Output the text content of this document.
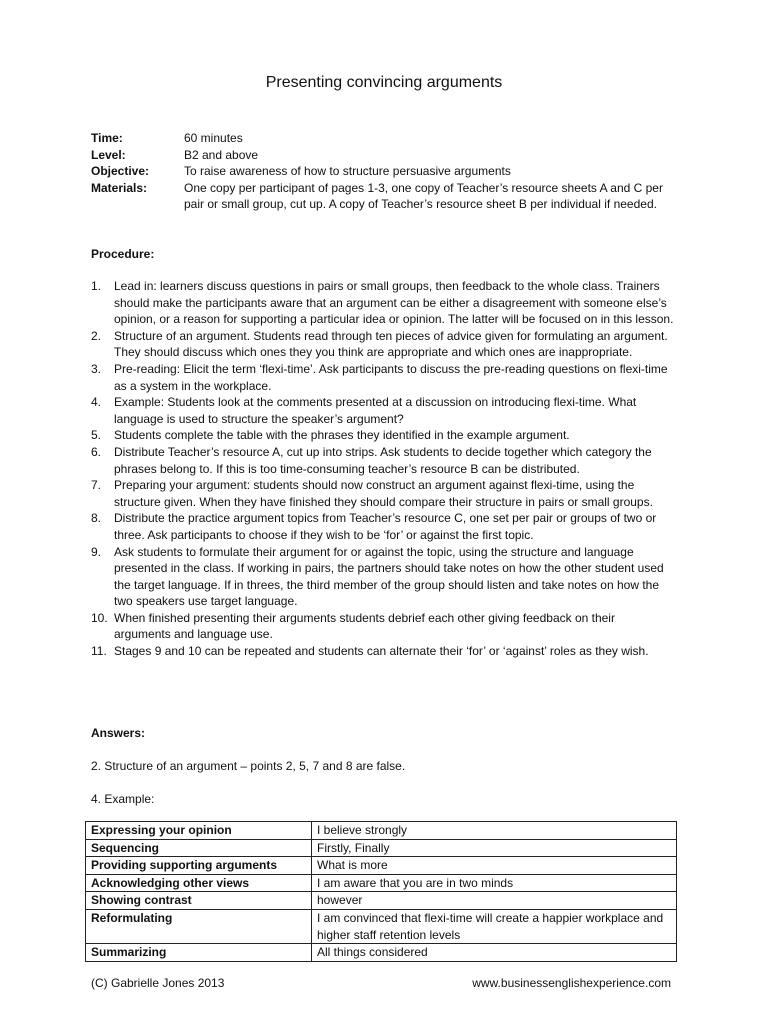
Presenting convincing arguments
Time:	60 minutes
Level:	B2 and above
Objective:	To raise awareness of how to structure persuasive arguments
Materials:	One copy per participant of pages 1-3, one copy of Teacher’s resource sheets A and C per pair or small group, cut up. A copy of Teacher’s resource sheet B per individual if needed.
Procedure:
1.	Lead in: learners discuss questions in pairs or small groups, then feedback to the whole class. Trainers should make the participants aware that an argument can be either a disagreement with someone else’s opinion, or a reason for supporting a particular idea or opinion. The latter will be focused on in this lesson.
2.	Structure of an argument. Students read through ten pieces of advice given for formulating an argument. They should discuss which ones they you think are appropriate and which ones are inappropriate.
3.	Pre-reading: Elicit the term ‘flexi-time’. Ask participants to discuss the pre-reading questions on flexi-time as a system in the workplace.
4.	Example: Students look at the comments presented at a discussion on introducing flexi-time. What language is used to structure the speaker’s argument?
5.	Students complete the table with the phrases they identified in the example argument.
6.	Distribute Teacher’s resource A, cut up into strips. Ask students to decide together which category the phrases belong to. If this is too time-consuming teacher’s resource B can be distributed.
7.	Preparing your argument: students should now construct an argument against flexi-time, using the structure given. When they have finished they should compare their structure in pairs or small groups.
8.	Distribute the practice argument topics from Teacher’s resource C, one set per pair or groups of two or three. Ask participants to choose if they wish to be ‘for’ or against the first topic.
9.	Ask students to formulate their argument for or against the topic, using the structure and language presented in the class. If working in pairs, the partners should take notes on how the other student used the target language. If in threes, the third member of the group should listen and take notes on how the two speakers use target language.
10. When finished presenting their arguments students debrief each other giving feedback on their arguments and language use.
11. Stages 9 and 10 can be repeated and students can alternate their ‘for’ or ‘against’ roles as they wish.
Answers:
2. Structure of an argument – points 2, 5, 7 and 8 are false.
4. Example:
Expressing your opinion	I believe strongly
Sequencing	Firstly, Finally
Providing supporting arguments	What is more
Acknowledging other views	I am aware that you are in two minds
Showing contrast	however
Reformulating	I am convinced that flexi-time will create a happier workplace and higher staff retention levels
Summarizing	All things considered
(C) Gabrielle Jones 2013	www.businessenglishexperience.com
